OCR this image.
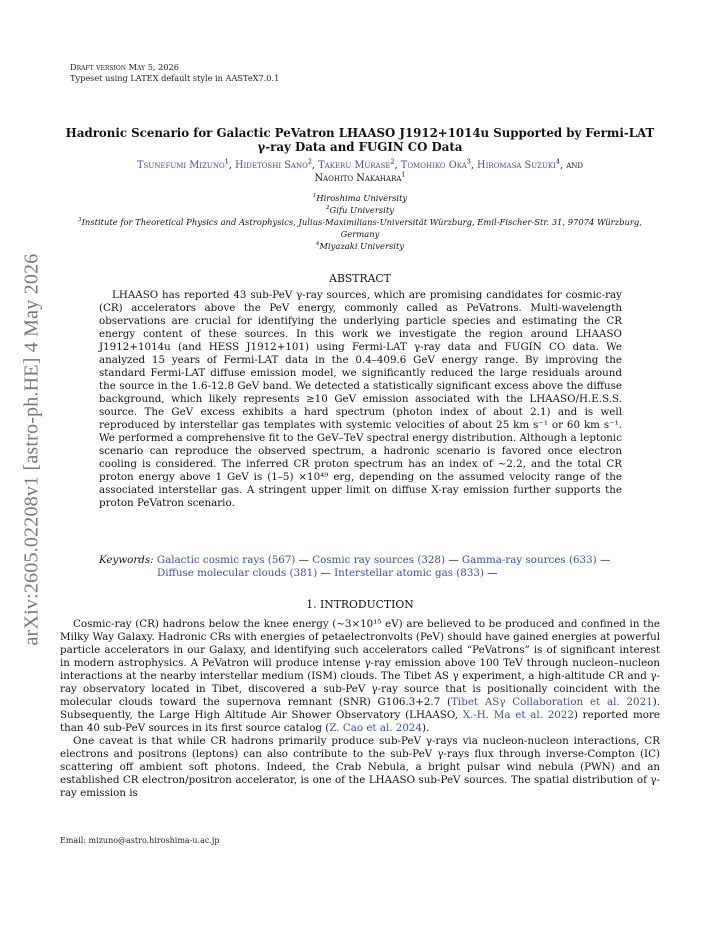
arXiv:2605.02208v1 [astro-ph.HE] 4 May 2026
Draft version May 5, 2026
Typeset using LATEX default style in AASTeX7.0.1
Hadronic Scenario for Galactic PeVatron LHAASO J1912+1014u Supported by Fermi-LAT γ-ray Data and FUGIN CO Data
Tsunefumi Mizuno$^1$, Hidetoshi Sano$^2$, Takeru Murase$^2$, Tomohiko Oka$^3$, Hiromasa Suzuki$^4$, and
Naohito Nakahara$^1$
$^1$Hiroshima University
$^2$Gifu University
$^3$Institute for Theoretical Physics and Astrophysics, Julius-Maximilians-Universität Würzburg, Emil-Fischer-Str. 31, 97074 Würzburg, Germany
$^4$Miyazaki University
ABSTRACT
LHAASO has reported 43 sub-PeV γ-ray sources, which are promising candidates for cosmic-ray (CR) accelerators above the PeV energy, commonly called as PeVatrons. Multi-wavelength observations are crucial for identifying the underlying particle species and estimating the CR energy content of these sources. In this work we investigate the region around LHAASO J1912+1014u (and HESS J1912+101) using Fermi-LAT γ-ray data and FUGIN CO data. We analyzed 15 years of Fermi-LAT data in the 0.4–409.6 GeV energy range. By improving the standard Fermi-LAT diffuse emission model, we significantly reduced the large residuals around the source in the 1.6-12.8 GeV band. We detected a statistically significant excess above the diffuse background, which likely represents ≥10 GeV emission associated with the LHAASO/H.E.S.S. source. The GeV excess exhibits a hard spectrum (photon index of about 2.1) and is well reproduced by interstellar gas templates with systemic velocities of about 25 km s⁻¹ or 60 km s⁻¹. We performed a comprehensive fit to the GeV–TeV spectral energy distribution. Although a leptonic scenario can reproduce the observed spectrum, a hadronic scenario is favored once electron cooling is considered. The inferred CR proton spectrum has an index of ∼2.2, and the total CR proton energy above 1 GeV is (1–5) ×10⁴⁹ erg, depending on the assumed velocity range of the associated interstellar gas. A stringent upper limit on diffuse X-ray emission further supports the proton PeVatron scenario.
Keywords: Galactic cosmic rays (567) — Cosmic ray sources (328) — Gamma-ray sources (633) —
Diffuse molecular clouds (381) — Interstellar atomic gas (833) —
1. INTRODUCTION
Cosmic-ray (CR) hadrons below the knee energy (∼3×10¹⁵ eV) are believed to be produced and confined in the Milky Way Galaxy. Hadronic CRs with energies of petaelectronvolts (PeV) should have gained energies at powerful particle accelerators in our Galaxy, and identifying such accelerators called “PeVatrons” is of significant interest in modern astrophysics. A PeVatron will produce intense γ-ray emission above 100 TeV through nucleon–nucleon interactions at the nearby interstellar medium (ISM) clouds. The Tibet AS γ experiment, a high-altitude CR and γ-ray observatory located in Tibet, discovered a sub-PeV γ-ray source that is positionally coincident with the molecular clouds toward the supernova remnant (SNR) G106.3+2.7 (Tibet ASγ Collaboration et al. 2021). Subsequently, the Large High Altitude Air Shower Observatory (LHAASO, X.-H. Ma et al. 2022) reported more than 40 sub-PeV sources in its first source catalog (Z. Cao et al. 2024).
One caveat is that while CR hadrons primarily produce sub-PeV γ-rays via nucleon-nucleon interactions, CR electrons and positrons (leptons) can also contribute to the sub-PeV γ-rays flux through inverse-Compton (IC) scattering off ambient soft photons. Indeed, the Crab Nebula, a bright pulsar wind nebula (PWN) and an established CR electron/positron accelerator, is one of the LHAASO sub-PeV sources. The spatial distribution of γ-ray emission is
Email: mizuno@astro.hiroshima-u.ac.jp
